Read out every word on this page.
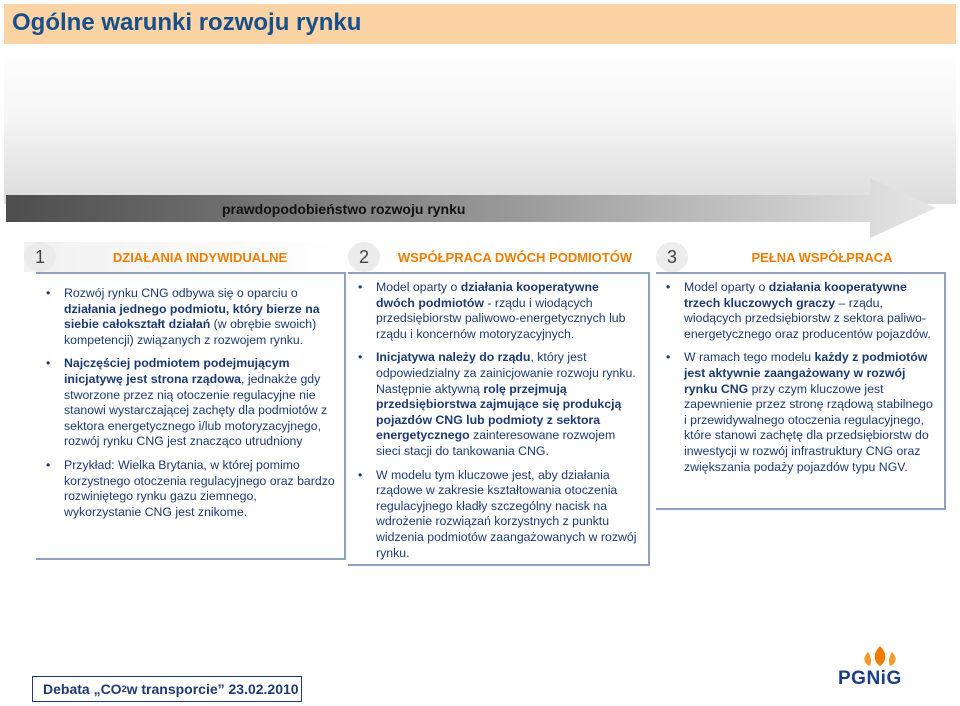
Ogólne warunki rozwoju rynku
prawdopodobieństwo rozwoju rynku
1	DZIAŁANIA INDYWIDUALNE
• Rozwój rynku CNG odbywa się o oparciu o działania jednego podmiotu, który bierze na siebie całokształt działań (w obrębie swoich) kompetencji) związanych z rozwojem rynku.
• Najczęściej podmiotem podejmującym inicjatywę jest strona rządowa, jednakże gdy stworzone przez nią otoczenie regulacyjne nie stanowi wystarczającej zachęty dla podmiotów z sektora energetycznego i/lub motoryzacyjnego, rozwój rynku CNG jest znacząco utrudniony
• Przykład: Wielka Brytania, w której pomimo korzystnego otoczenia regulacyjnego oraz bardzo rozwiniętego rynku gazu ziemnego, wykorzystanie CNG jest znikome.
2	WSPÓŁPRACA DWÓCH PODMIOTÓW
• Model oparty o działania kooperatywne dwóch podmiotów - rządu i wiodących przedsiębiorstw paliwowo-energetycznych lub rządu i koncernów motoryzacyjnych.
• Inicjatywa należy do rządu, który jest odpowiedzialny za zainicjowanie rozwoju rynku. Następnie aktywną rolę przejmują przedsiębiorstwa zajmujące się produkcją pojazdów CNG lub podmioty z sektora energetycznego zainteresowane rozwojem sieci stacji do tankowania CNG.
• W modelu tym kluczowe jest, aby działania rządowe w zakresie kształtowania otoczenia regulacyjnego kładły szczególny nacisk na wdrożenie rozwiązań korzystnych z punktu widzenia podmiotów zaangażowanych w rozwój rynku.
3	PEŁNA WSPÓŁPRACA
• Model oparty o działania kooperatywne trzech kluczowych graczy – rządu, wiodących przedsiębiorstw z sektora paliwo-energetycznego oraz producentów pojazdów.
• W ramach tego modelu każdy z podmiotów jest aktywnie zaangażowany w rozwój rynku CNG przy czym kluczowe jest zapewnienie przez stronę rządową stabilnego i przewidywalnego otoczenia regulacyjnego, które stanowi zachętę dla przedsiębiorstw do inwestycji w rozwój infrastruktury CNG oraz zwiększania podaży pojazdów typu NGV.
Debata „CO 2 w transporcie” 23.02.2010	PGNiG
